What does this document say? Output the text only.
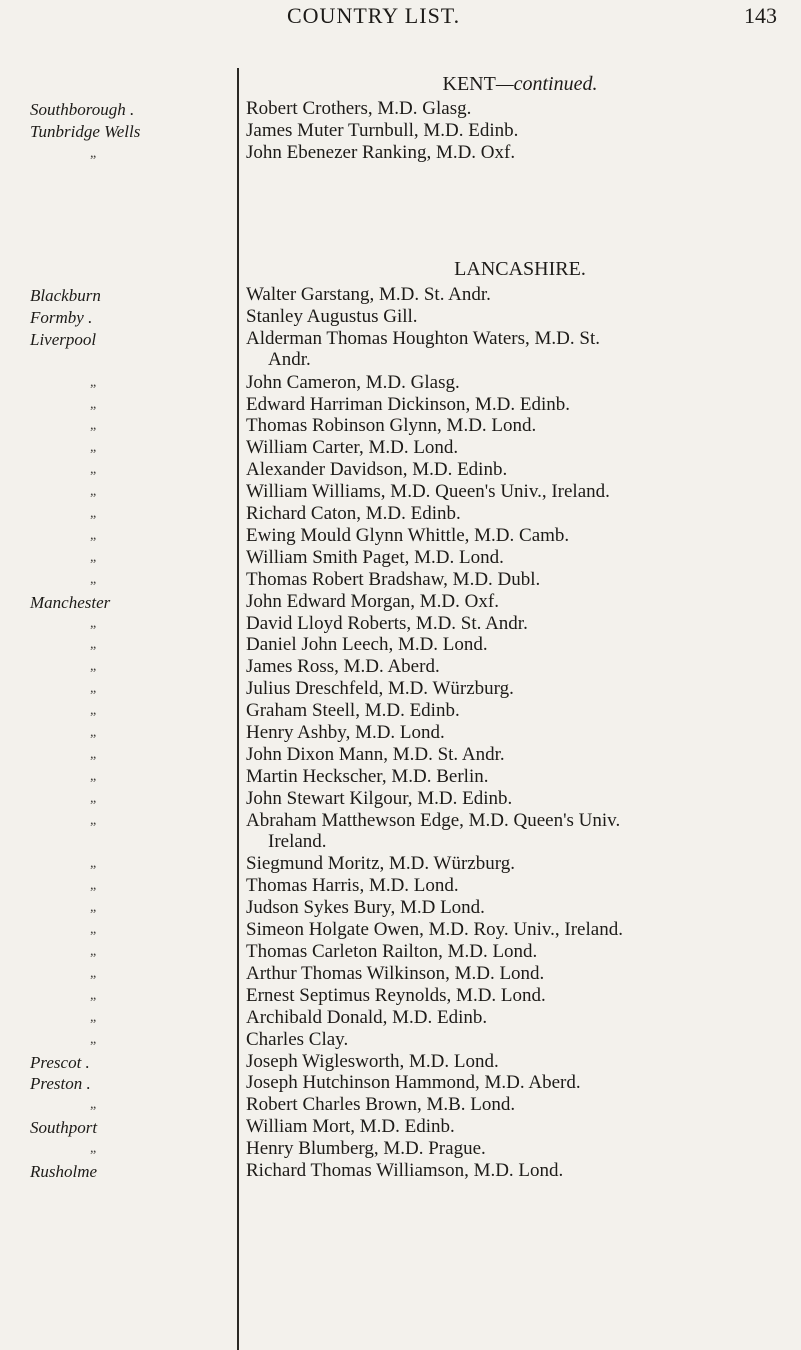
COUNTRY LIST.	143
KENT—continued.
Robert Crothers, M.D. Glasg.
James Muter Turnbull, M.D. Edinb.
John Ebenezer Ranking, M.D. Oxf.
LANCASHIRE.
Walter Garstang, M.D. St. Andr.
Stanley Augustus Gill.
Alderman Thomas Houghton Waters, M.D. St.
Andr.
John Cameron, M.D. Glasg.
Edward Harriman Dickinson, M.D. Edinb.
Thomas Robinson Glynn, M.D. Lond.
William Carter, M.D. Lond.
Alexander Davidson, M.D. Edinb.
William Williams, M.D. Queen's Univ., Ireland.
Richard Caton, M.D. Edinb.
Ewing Mould Glynn Whittle, M.D. Camb.
William Smith Paget, M.D. Lond.
Thomas Robert Bradshaw, M.D. Dubl.
John Edward Morgan, M.D. Oxf.
David Lloyd Roberts, M.D. St. Andr.
Daniel John Leech, M.D. Lond.
James Ross, M.D. Aberd.
Julius Dreschfeld, M.D. Würzburg.
Graham Steell, M.D. Edinb.
Henry Ashby, M.D. Lond.
John Dixon Mann, M.D. St. Andr.
Martin Heckscher, M.D. Berlin.
John Stewart Kilgour, M.D. Edinb.
Abraham Matthewson Edge, M.D. Queen's Univ.
Ireland.
Siegmund Moritz, M.D. Würzburg.
Thomas Harris, M.D. Lond.
Judson Sykes Bury, M.D Lond.
Simeon Holgate Owen, M.D. Roy. Univ., Ireland.
Thomas Carleton Railton, M.D. Lond.
Arthur Thomas Wilkinson, M.D. Lond.
Ernest Septimus Reynolds, M.D. Lond.
Archibald Donald, M.D. Edinb.
Charles Clay.
Joseph Wiglesworth, M.D. Lond.
Joseph Hutchinson Hammond, M.D. Aberd.
Robert Charles Brown, M.B. Lond.
William Mort, M.D. Edinb.
Henry Blumberg, M.D. Prague.
Richard Thomas Williamson, M.D. Lond.
Southborough .
Tunbridge Wells
„
Blackburn
Formby .
Liverpool
„
„
„
„
„
„
„
„
„
„
Manchester
„
„
„
„
„
„
„
„
„
„
„
„
„
„
„
„
„
„
„
Prescot .
Preston .
„
Southport
„
Rusholme
